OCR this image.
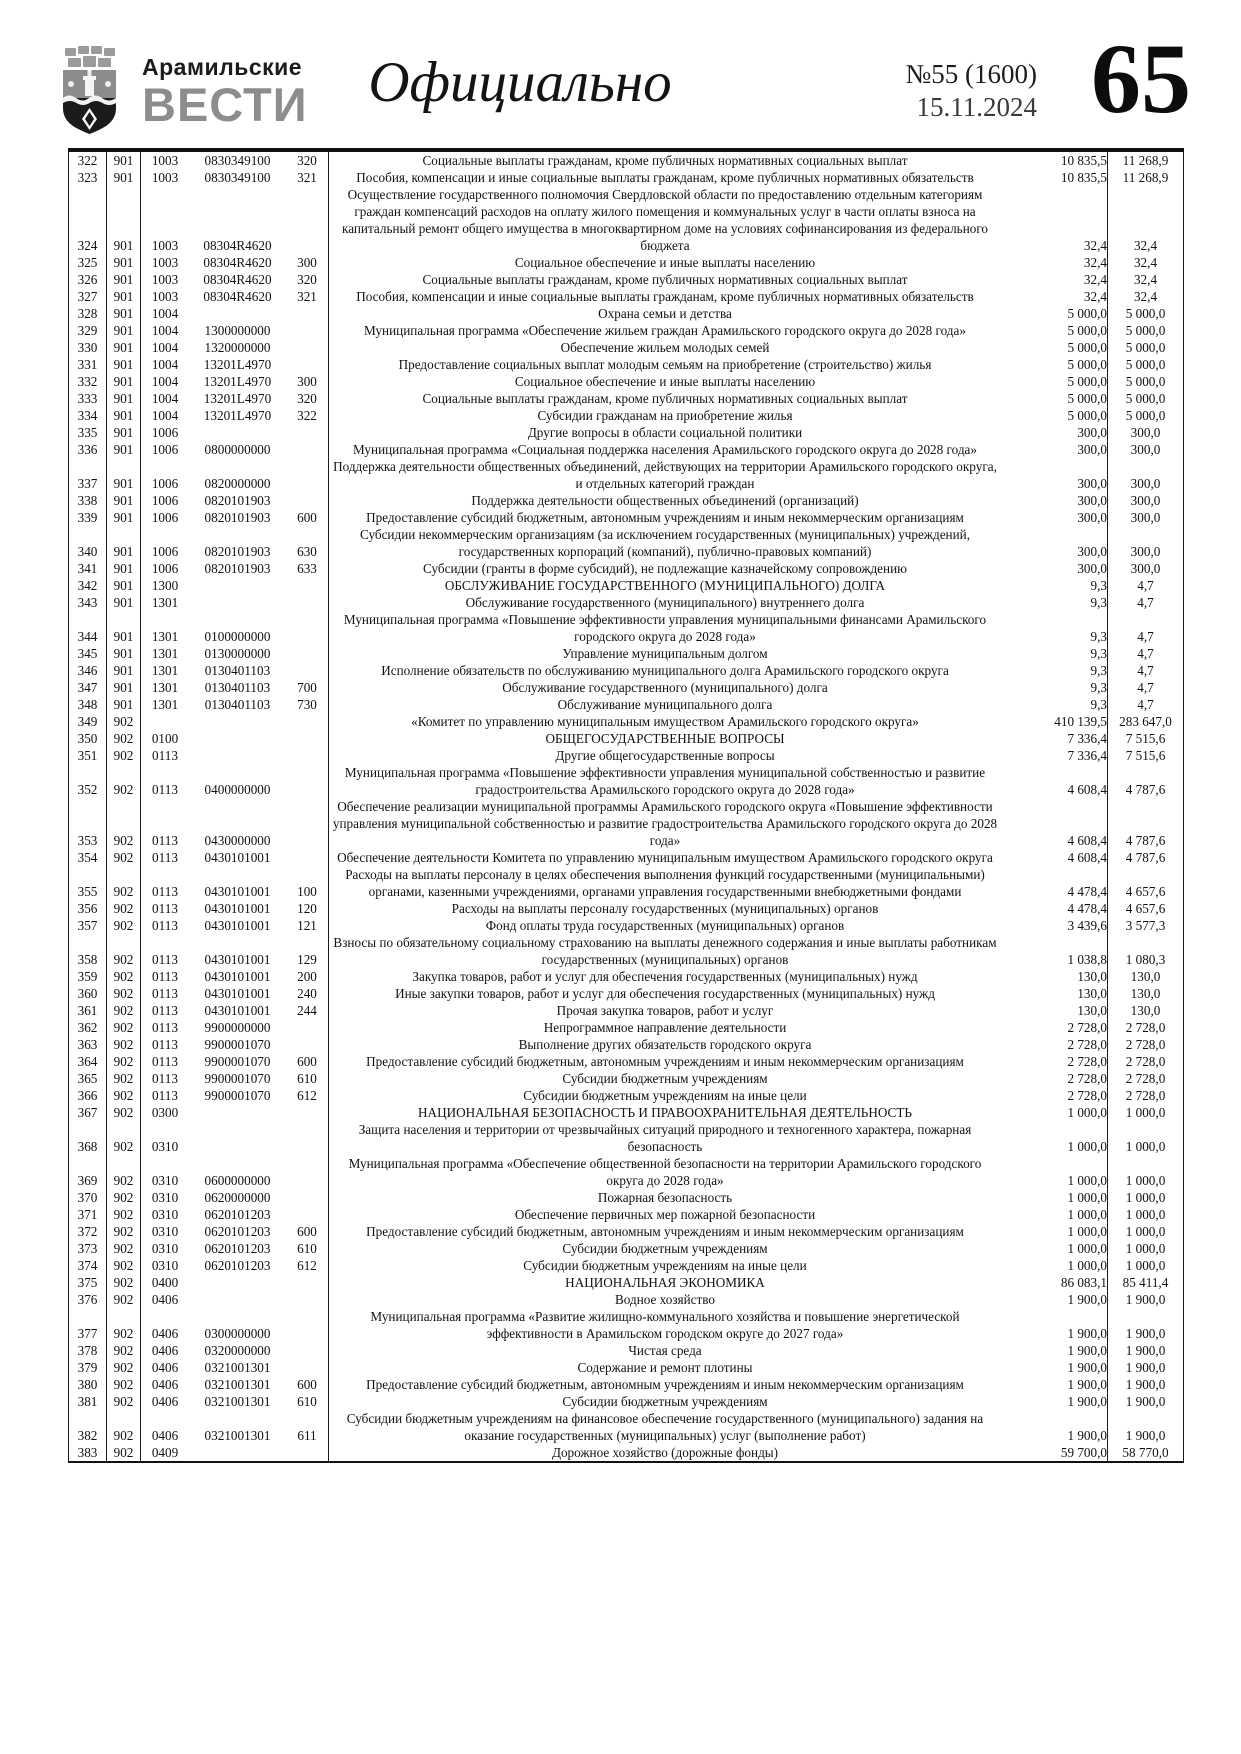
Арамильские
ВЕСТИ	Официально	№55 (1600)
15.11.2024 65
322	901	1003	0830349100	320	Социальные выплаты гражданам, кроме публичных нормативных социальных выплат	10 835,5	11 268,9
323	901	1003	0830349100	321	Пособия, компенсации и иные социальные выплаты гражданам, кроме публичных нормативных обязательств	10 835,5	11 268,9
324	901	1003	08304R4620		Осуществление государственного полномочия Свердловской области по предоставлению отдельным категориям граждан компенсаций расходов на оплату жилого помещения и коммунальных услуг в части оплаты взноса на капитальный ремонт общего имущества в многоквартирном доме на условиях софинансирования из федерального бюджета	32,4	32,4
325	901	1003	08304R4620	300	Социальное обеспечение и иные выплаты населению	32,4	32,4
326	901	1003	08304R4620	320	Социальные выплаты гражданам, кроме публичных нормативных социальных выплат	32,4	32,4
327	901	1003	08304R4620	321	Пособия, компенсации и иные социальные выплаты гражданам, кроме публичных нормативных обязательств	32,4	32,4
328	901	1004			Охрана семьи и детства	5 000,0	5 000,0
329	901	1004	1300000000		Муниципальная программа «Обеспечение жильем граждан Арамильского городского округа до 2028 года»	5 000,0	5 000,0
330	901	1004	1320000000		Обеспечение жильем молодых семей	5 000,0	5 000,0
331	901	1004	13201L4970		Предоставление социальных выплат молодым семьям на приобретение (строительство) жилья	5 000,0	5 000,0
332	901	1004	13201L4970	300	Социальное обеспечение и иные выплаты населению	5 000,0	5 000,0
333	901	1004	13201L4970	320	Социальные выплаты гражданам, кроме публичных нормативных социальных выплат	5 000,0	5 000,0
334	901	1004	13201L4970	322	Субсидии гражданам на приобретение жилья	5 000,0	5 000,0
335	901	1006			Другие вопросы в области социальной политики	300,0	300,0
336	901	1006	0800000000		Муниципальная программа «Социальная поддержка населения Арамильского городского округа до 2028 года»	300,0	300,0
337	901	1006	0820000000		Поддержка деятельности общественных объединений, действующих на территории Арамильского городского округа, и отдельных категорий граждан	300,0	300,0
338	901	1006	0820101903		Поддержка деятельности общественных объединений (организаций)	300,0	300,0
339	901	1006	0820101903	600	Предоставление субсидий бюджетным, автономным учреждениям и иным некоммерческим организациям	300,0	300,0
340	901	1006	0820101903	630	Субсидии некоммерческим организациям (за исключением государственных (муниципальных) учреждений, государственных корпораций (компаний), публично-правовых компаний)	300,0	300,0
341	901	1006	0820101903	633	Субсидии (гранты в форме субсидий), не подлежащие казначейскому сопровождению	300,0	300,0
342	901	1300			ОБСЛУЖИВАНИЕ ГОСУДАРСТВЕННОГО (МУНИЦИПАЛЬНОГО) ДОЛГА	9,3	4,7
343	901	1301			Обслуживание государственного (муниципального) внутреннего долга	9,3	4,7
344	901	1301	0100000000		Муниципальная программа «Повышение эффективности управления муниципальными финансами Арамильского городского округа до 2028 года»	9,3	4,7
345	901	1301	0130000000		Управление муниципальным долгом	9,3	4,7
346	901	1301	0130401103		Исполнение обязательств по обслуживанию муниципального долга Арамильского городского округа	9,3	4,7
347	901	1301	0130401103	700	Обслуживание государственного (муниципального) долга	9,3	4,7
348	901	1301	0130401103	730	Обслуживание муниципального долга	9,3	4,7
349	902				«Комитет по управлению муниципальным имуществом Арамильского городского округа»	410 139,5	283 647,0
350	902	0100			ОБЩЕГОСУДАРСТВЕННЫЕ ВОПРОСЫ	7 336,4	7 515,6
351	902	0113			Другие общегосударственные вопросы	7 336,4	7 515,6
352	902	0113	0400000000		Муниципальная программа «Повышение эффективности управления муниципальной собственностью и развитие градостроительства Арамильского городского округа до 2028 года»	4 608,4	4 787,6
353	902	0113	0430000000		Обеспечение реализации муниципальной программы Арамильского городского округа «Повышение эффективности управления муниципальной собственностью и развитие градостроительства Арамильского городского округа до 2028 года»	4 608,4	4 787,6
354	902	0113	0430101001		Обеспечение деятельности Комитета по управлению муниципальным имуществом Арамильского городского округа	4 608,4	4 787,6
355	902	0113	0430101001	100	Расходы на выплаты персоналу в целях обеспечения выполнения функций государственными (муниципальными) органами, казенными учреждениями, органами управления государственными внебюджетными фондами	4 478,4	4 657,6
356	902	0113	0430101001	120	Расходы на выплаты персоналу государственных (муниципальных) органов	4 478,4	4 657,6
357	902	0113	0430101001	121	Фонд оплаты труда государственных (муниципальных) органов	3 439,6	3 577,3
358	902	0113	0430101001	129	Взносы по обязательному социальному страхованию на выплаты денежного содержания и иные выплаты работникам государственных (муниципальных) органов	1 038,8	1 080,3
359	902	0113	0430101001	200	Закупка товаров, работ и услуг для обеспечения государственных (муниципальных) нужд	130,0	130,0
360	902	0113	0430101001	240	Иные закупки товаров, работ и услуг для обеспечения государственных (муниципальных) нужд	130,0	130,0
361	902	0113	0430101001	244	Прочая закупка товаров, работ и услуг	130,0	130,0
362	902	0113	9900000000		Непрограммное направление деятельности	2 728,0	2 728,0
363	902	0113	9900001070		Выполнение других обязательств городского округа	2 728,0	2 728,0
364	902	0113	9900001070	600	Предоставление субсидий бюджетным, автономным учреждениям и иным некоммерческим организациям	2 728,0	2 728,0
365	902	0113	9900001070	610	Субсидии бюджетным учреждениям	2 728,0	2 728,0
366	902	0113	9900001070	612	Субсидии бюджетным учреждениям на иные цели	2 728,0	2 728,0
367	902	0300			НАЦИОНАЛЬНАЯ БЕЗОПАСНОСТЬ И ПРАВООХРАНИТЕЛЬНАЯ ДЕЯТЕЛЬНОСТЬ	1 000,0	1 000,0
368	902	0310			Защита населения и территории от чрезвычайных ситуаций природного и техногенного характера, пожарная безопасность	1 000,0	1 000,0
369	902	0310	0600000000		Муниципальная программа «Обеспечение общественной безопасности на территории Арамильского городского округа до 2028 года»	1 000,0	1 000,0
370	902	0310	0620000000		Пожарная безопасность	1 000,0	1 000,0
371	902	0310	0620101203		Обеспечение первичных мер пожарной безопасности	1 000,0	1 000,0
372	902	0310	0620101203	600	Предоставление субсидий бюджетным, автономным учреждениям и иным некоммерческим организациям	1 000,0	1 000,0
373	902	0310	0620101203	610	Субсидии бюджетным учреждениям	1 000,0	1 000,0
374	902	0310	0620101203	612	Субсидии бюджетным учреждениям на иные цели	1 000,0	1 000,0
375	902	0400			НАЦИОНАЛЬНАЯ ЭКОНОМИКА	86 083,1	85 411,4
376	902	0406			Водное хозяйство	1 900,0	1 900,0
377	902	0406	0300000000		Муниципальная программа «Развитие жилищно-коммунального хозяйства и повышение энергетической эффективности в Арамильском городском округе до 2027 года»	1 900,0	1 900,0
378	902	0406	0320000000		Чистая среда	1 900,0	1 900,0
379	902	0406	0321001301		Содержание и ремонт плотины	1 900,0	1 900,0
380	902	0406	0321001301	600	Предоставление субсидий бюджетным, автономным учреждениям и иным некоммерческим организациям	1 900,0	1 900,0
381	902	0406	0321001301	610	Субсидии бюджетным учреждениям	1 900,0	1 900,0
382	902	0406	0321001301	611	Субсидии бюджетным учреждениям на финансовое обеспечение государственного (муниципального) задания на оказание государственных (муниципальных) услуг (выполнение работ)	1 900,0	1 900,0
383	902	0409			Дорожное хозяйство (дорожные фонды)	59 700,0	58 770,0
